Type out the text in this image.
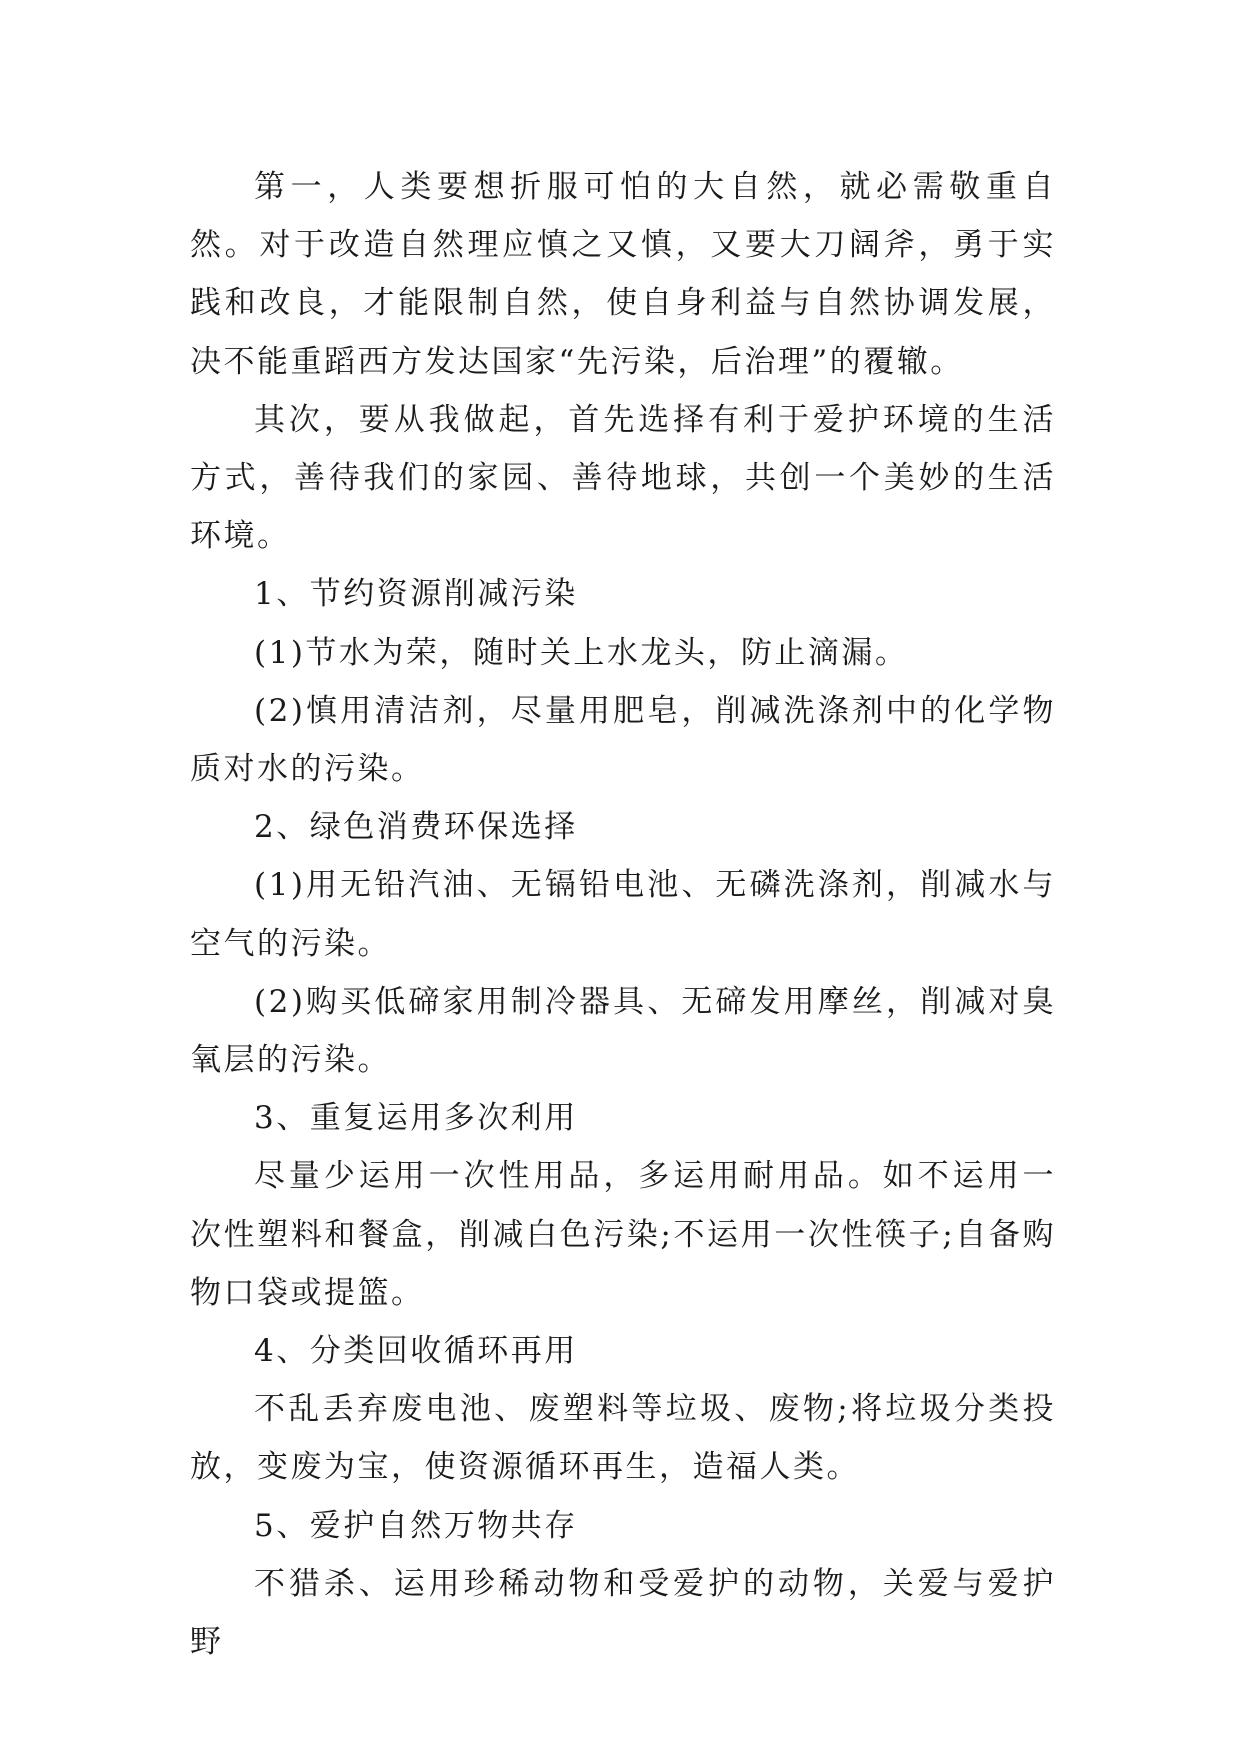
第一，人类要想折服可怕的大自然，就必需敬重自然。对于改造自然理应慎之又慎，又要大刀阔斧，勇于实践和改良，才能限制自然，使自身利益与自然协调发展，决不能重蹈西方发达国家“先污染，后治理”的覆辙。

其次，要从我做起，首先选择有利于爱护环境的生活方式，善待我们的家园、善待地球，共创一个美妙的生活环境。

1、节约资源削减污染

(1)节水为荣，随时关上水龙头，防止滴漏。

(2)慎用清洁剂，尽量用肥皂，削减洗涤剂中的化学物质对水的污染。

2、绿色消费环保选择

(1)用无铅汽油、无镉铅电池、无磷洗涤剂，削减水与空气的污染。

(2)购买低碲家用制冷器具、无碲发用摩丝，削减对臭氧层的污染。

3、重复运用多次利用

尽量少运用一次性用品，多运用耐用品。如不运用一次性塑料和餐盒，削减白色污染;不运用一次性筷子;自备购物口袋或提篮。

4、分类回收循环再用

不乱丢弃废电池、废塑料等垃圾、废物;将垃圾分类投放，变废为宝，使资源循环再生，造福人类。

5、爱护自然万物共存

不猎杀、运用珍稀动物和受爱护的动物，关爱与爱护野
